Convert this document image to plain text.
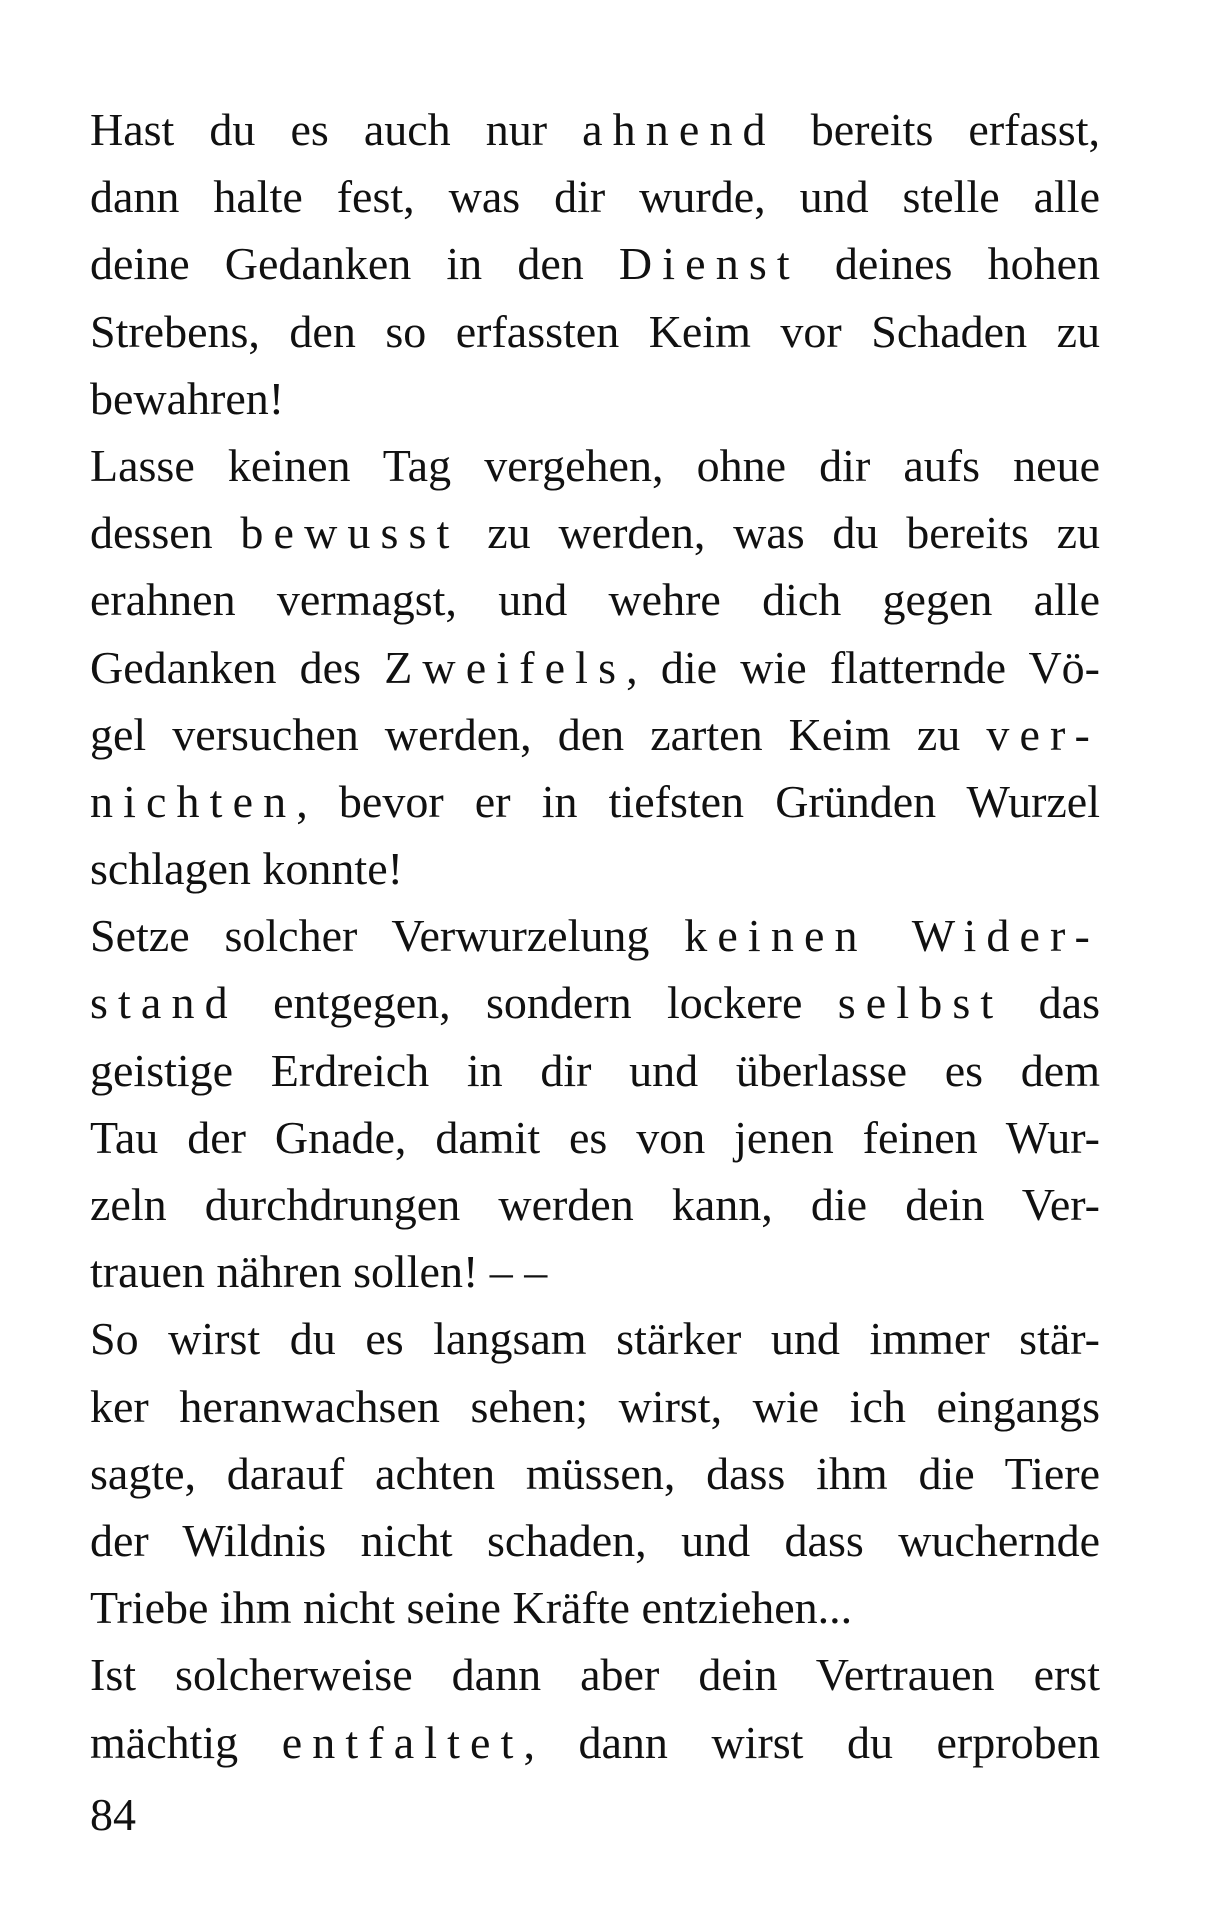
Hast du es auch nur ahnend bereits erfasst,
dann halte fest, was dir wurde, und stelle alle
deine Gedanken in den Dienst deines hohen
Strebens, den so erfassten Keim vor Schaden zu
bewahren!
Lasse keinen Tag vergehen, ohne dir aufs neue
dessen bewusst zu werden, was du bereits zu
erahnen vermagst, und wehre dich gegen alle
Gedanken des Zweifels, die wie flatternde Vö-
gel versuchen werden, den zarten Keim zu ver-
nichten, bevor er in tiefsten Gründen Wurzel
schlagen konnte!
Setze solcher Verwurzelung keinen Wider-
stand entgegen, sondern lockere selbst das
geistige Erdreich in dir und überlasse es dem
Tau der Gnade, damit es von jenen feinen Wur-
zeln durchdrungen werden kann, die dein Ver-
trauen nähren sollen! – –
So wirst du es langsam stärker und immer stär-
ker heranwachsen sehen; wirst, wie ich eingangs
sagte, darauf achten müssen, dass ihm die Tiere
der Wildnis nicht schaden, und dass wuchernde
Triebe ihm nicht seine Kräfte entziehen...
Ist solcherweise dann aber dein Vertrauen erst
mächtig entfaltet, dann wirst du erproben
84
